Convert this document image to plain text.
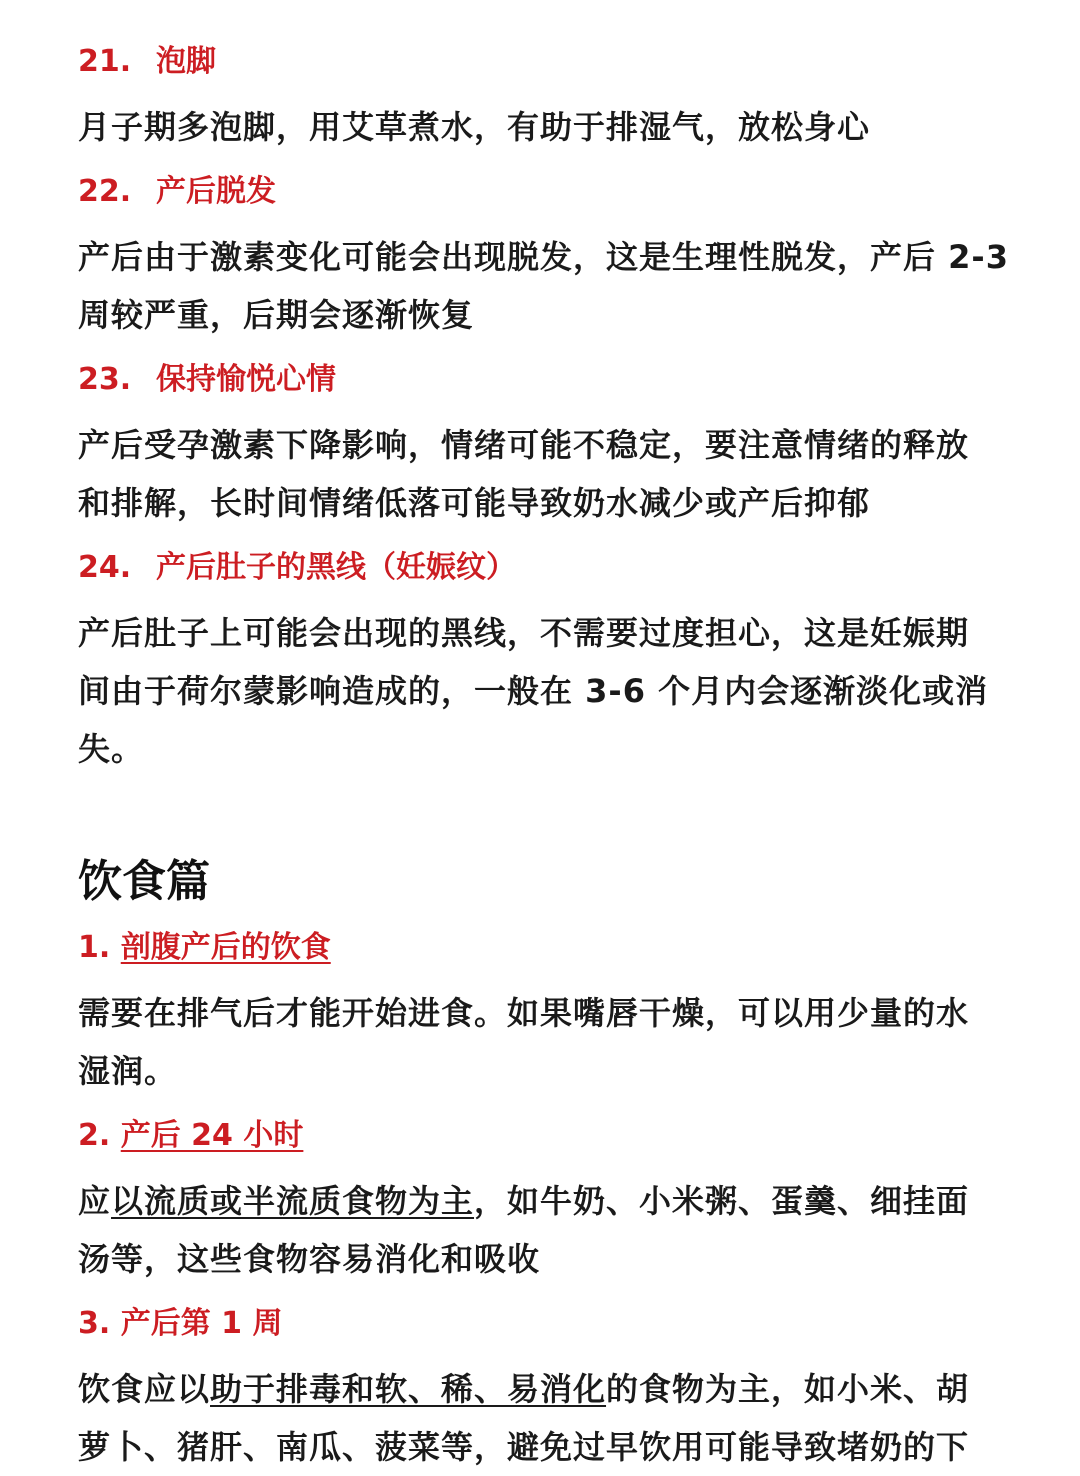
21. 泡脚

月子期多泡脚，用艾草煮水，有助于排湿气，放松身心

22. 产后脱发

产后由于激素变化可能会出现脱发，这是生理性脱发，产后 2-3
周较严重，后期会逐渐恢复

23. 保持愉悦心情

产后受孕激素下降影响，情绪可能不稳定，要注意情绪的释放
和排解，长时间情绪低落可能导致奶水减少或产后抑郁

24. 产后肚子的黑线（妊娠纹）

产后肚子上可能会出现的黑线，不需要过度担心，这是妊娠期
间由于荷尔蒙影响造成的，一般在 3-6 个月内会逐渐淡化或消
失。

饮食篇
1. 剖腹产后的饮食

需要在排气后才能开始进食。如果嘴唇干燥，可以用少量的水
湿润。

2. 产后 24 小时

应以流质或半流质食物为主，如牛奶、小米粥、蛋羹、细挂面
汤等，这些食物容易消化和吸收

3. 产后第 1 周

饮食应以助于排毒和软、稀、易消化的食物为主，如小米、胡
萝卜、猪肝、南瓜、菠菜等，避免过早饮用可能导致堵奶的下
